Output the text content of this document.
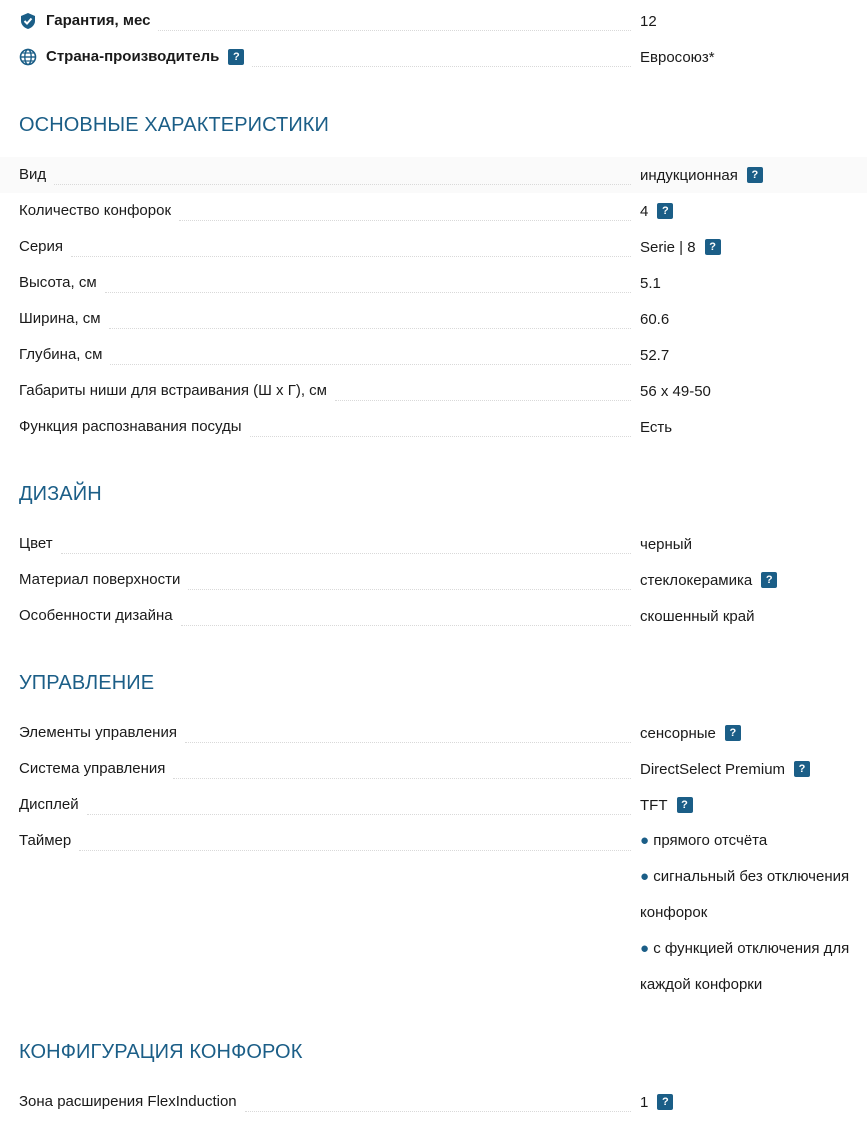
Гарантия, мес	12
Страна-производитель	?	Евросоюз*
ОСНОВНЫЕ ХАРАКТЕРИСТИКИ
Вид	индукционная	?
Количество конфорок	4	?
Серия	Serie | 8	?
Высота, см	5.1
Ширина, см	60.6
Глубина, см	52.7
Габариты ниши для встраивания (Ш x Г), см	56 x 49-50
Функция распознавания посуды	Есть
ДИЗАЙН
Цвет	черный
Материал поверхности	стеклокерамика	?
Особенности дизайна	скошенный край
УПРАВЛЕНИЕ
Элементы управления	сенсорные	?
Система управления	DirectSelect Premium	?
Дисплей	TFT	?
Таймер	● прямого отсчёта
● сигнальный без отключения
конфорок
● с функцией отключения для
каждой конфорки
КОНФИГУРАЦИЯ КОНФОРОК
Зона расширения FlexInduction	1	?
